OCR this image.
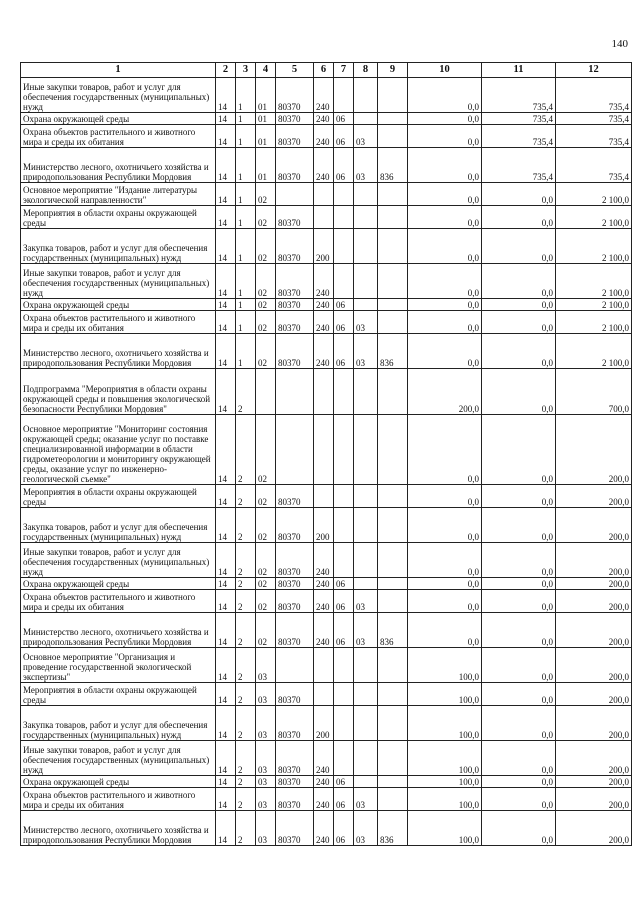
140
1	2	3	4	5	6	7	8	9	10	11	12
Иные закупки товаров, работ и услуг для обеспечения государственных (муниципальных) нужд	14	1	01	80370	240				0,0	735,4	735,4
Охрана окружающей среды	14	1	01	80370	240	06			0,0	735,4	735,4
Охрана объектов растительного и животного мира и среды их обитания	14	1	01	80370	240	06	03		0,0	735,4	735,4
Министерство лесного, охотничьего хозяйства и природопользования Республики Мордовия	14	1	01	80370	240	06	03	836	0,0	735,4	735,4
Основное мероприятие "Издание литературы экологической направленности"	14	1	02						0,0	0,0	2 100,0
Мероприятия в области охраны окружающей среды	14	1	02	80370					0,0	0,0	2 100,0
Закупка товаров, работ и услуг для обеспечения государственных (муниципальных) нужд	14	1	02	80370	200				0,0	0,0	2 100,0
Иные закупки товаров, работ и услуг для обеспечения государственных (муниципальных) нужд	14	1	02	80370	240				0,0	0,0	2 100,0
Охрана окружающей среды	14	1	02	80370	240	06			0,0	0,0	2 100,0
Охрана объектов растительного и животного мира и среды их обитания	14	1	02	80370	240	06	03		0,0	0,0	2 100,0
Министерство лесного, охотничьего хозяйства и природопользования Республики Мордовия	14	1	02	80370	240	06	03	836	0,0	0,0	2 100,0
Подпрограмма "Мероприятия в области охраны окружающей среды и повышения экологической безопасности Республики Мордовия"	14	2							200,0	0,0	700,0
Основное мероприятие "Мониторинг состояния окружающей среды; оказание услуг по поставке специализированной информации в области гидрометеорологии и мониторингу окружающей среды, оказание услуг по инженерно-геологической съемке"	14	2	02						0,0	0,0	200,0
Мероприятия в области охраны окружающей среды	14	2	02	80370					0,0	0,0	200,0
Закупка товаров, работ и услуг для обеспечения государственных (муниципальных) нужд	14	2	02	80370	200				0,0	0,0	200,0
Иные закупки товаров, работ и услуг для обеспечения государственных (муниципальных) нужд	14	2	02	80370	240				0,0	0,0	200,0
Охрана окружающей среды	14	2	02	80370	240	06			0,0	0,0	200,0
Охрана объектов растительного и животного мира и среды их обитания	14	2	02	80370	240	06	03		0,0	0,0	200,0
Министерство лесного, охотничьего хозяйства и природопользования Республики Мордовия	14	2	02	80370	240	06	03	836	0,0	0,0	200,0
Основное мероприятие "Организация и проведение государственной экологической экспертизы"	14	2	03						100,0	0,0	200,0
Мероприятия в области охраны окружающей среды	14	2	03	80370					100,0	0,0	200,0
Закупка товаров, работ и услуг для обеспечения государственных (муниципальных) нужд	14	2	03	80370	200				100,0	0,0	200,0
Иные закупки товаров, работ и услуг для обеспечения государственных (муниципальных) нужд	14	2	03	80370	240				100,0	0,0	200,0
Охрана окружающей среды	14	2	03	80370	240	06			100,0	0,0	200,0
Охрана объектов растительного и животного мира и среды их обитания	14	2	03	80370	240	06	03		100,0	0,0	200,0
Министерство лесного, охотничьего хозяйства и природопользования Республики Мордовия	14	2	03	80370	240	06	03	836	100,0	0,0	200,0
